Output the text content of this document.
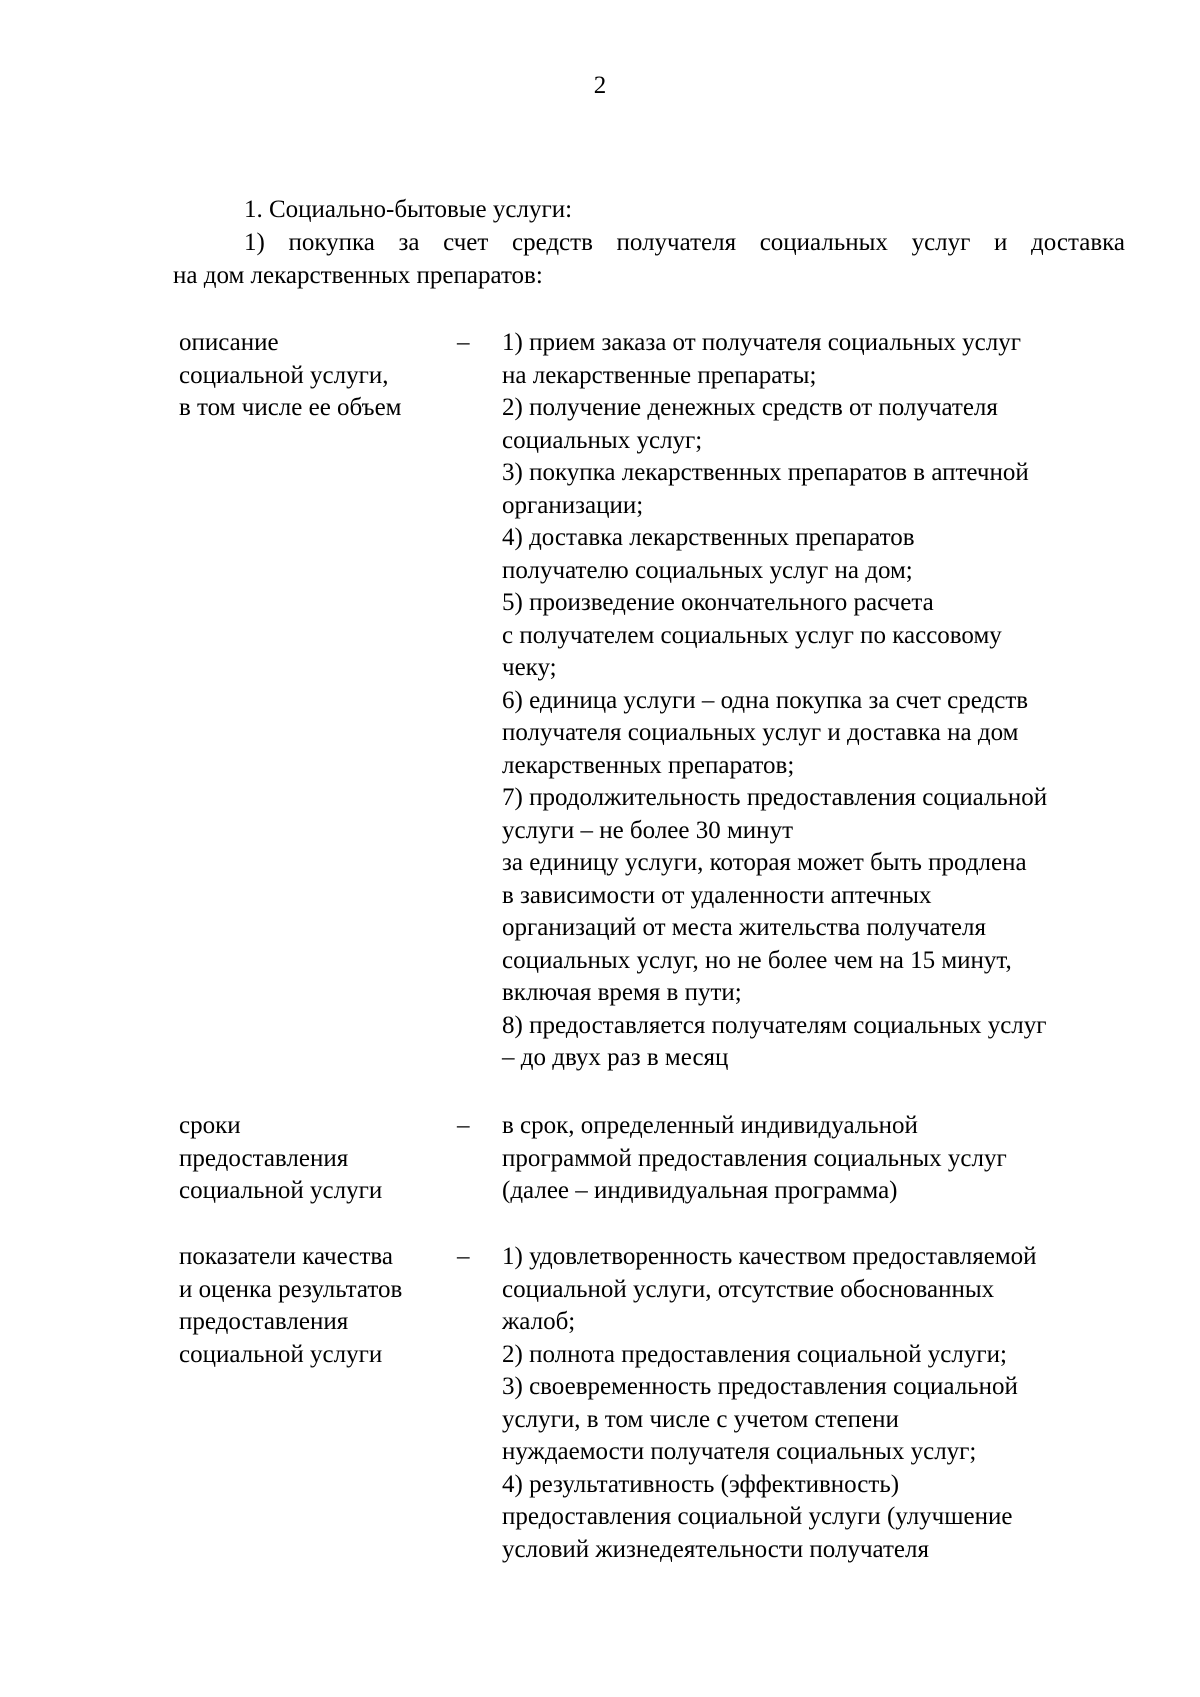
2
1. Социально-бытовые услуги:
1) покупка за счет средств получателя социальных услуг и доставка
на дом лекарственных препаратов:
описание
социальной услуги,
в том числе ее объем
– 1) прием заказа от получателя социальных услуг
на лекарственные препараты;
2) получение денежных средств от получателя
социальных услуг;
3) покупка лекарственных препаратов в аптечной
организации;
4) доставка лекарственных препаратов
получателю социальных услуг на дом;
5) произведение окончательного расчета
с получателем социальных услуг по кассовому
чеку;
6) единица услуги – одна покупка за счет средств
получателя социальных услуг и доставка на дом
лекарственных препаратов;
7) продолжительность предоставления социальной
услуги – не более 30 минут
за единицу услуги, которая может быть продлена
в зависимости от удаленности аптечных
организаций от места жительства получателя
социальных услуг, но не более чем на 15 минут,
включая время в пути;
8) предоставляется получателям социальных услуг
– до двух раз в месяц
сроки
предоставления
социальной услуги
– в срок, определенный индивидуальной
программой предоставления социальных услуг
(далее – индивидуальная программа)
показатели качества
и оценка результатов
предоставления
социальной услуги
– 1) удовлетворенность качеством предоставляемой
социальной услуги, отсутствие обоснованных
жалоб;
2) полнота предоставления социальной услуги;
3) своевременность предоставления социальной
услуги, в том числе с учетом степени
нуждаемости получателя социальных услуг;
4) результативность (эффективность)
предоставления социальной услуги (улучшение
условий жизнедеятельности получателя
